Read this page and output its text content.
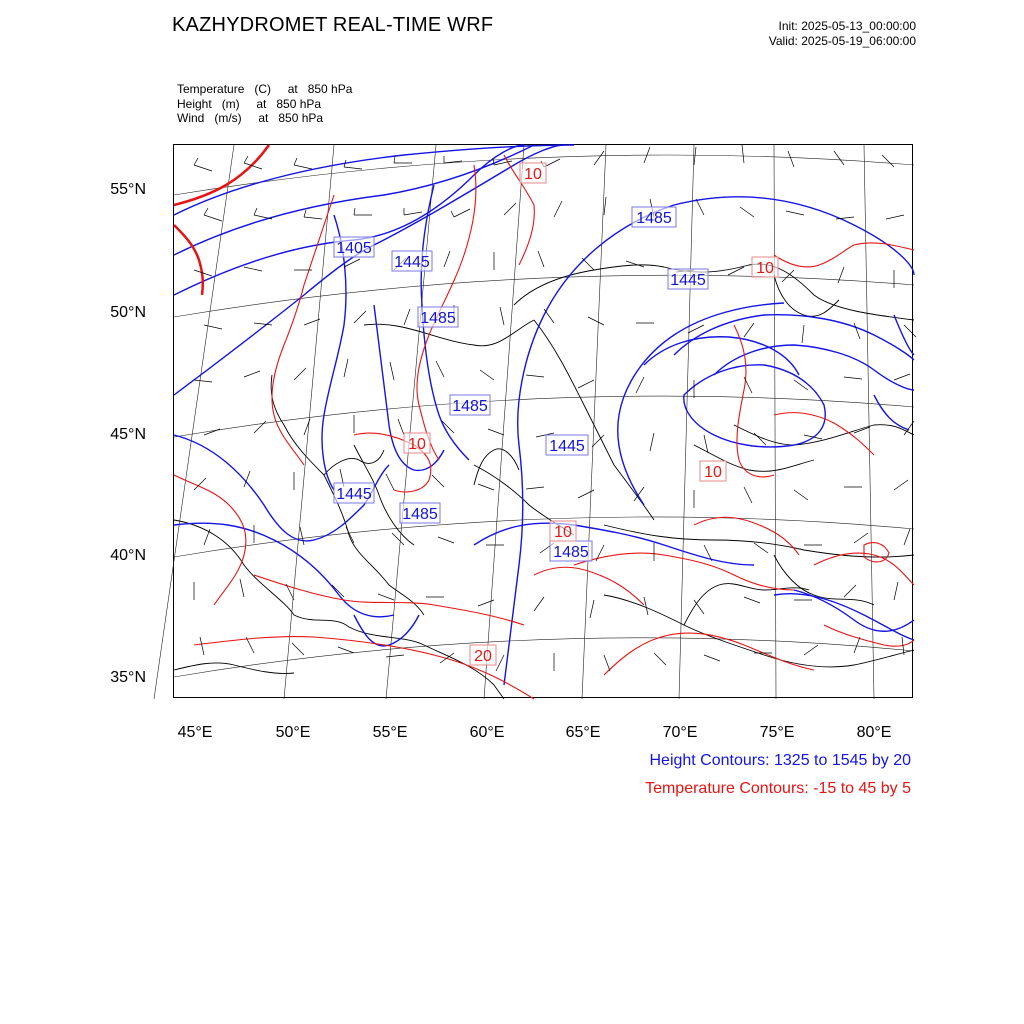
KAZHYDROMET REAL-TIME WRF	Init: 2025-05-13_00:00:00
Valid: 2025-05-19_06:00:00
Temperature   (C)     at   850 hPa
Height   (m)     at   850 hPa
Wind   (m/s)     at   850 hPa
1405
1445
1485
1485
1445
1485
1445
1485
1485
1445
1485
10
10
10
10
10
20
55°N
50°N
45°N
40°N
35°N
45°E	50°E	55°E	60°E	65°E	70°E	75°E	80°E
Height Contours: 1325 to 1545 by 20
Temperature Contours: -15 to 45 by 5
